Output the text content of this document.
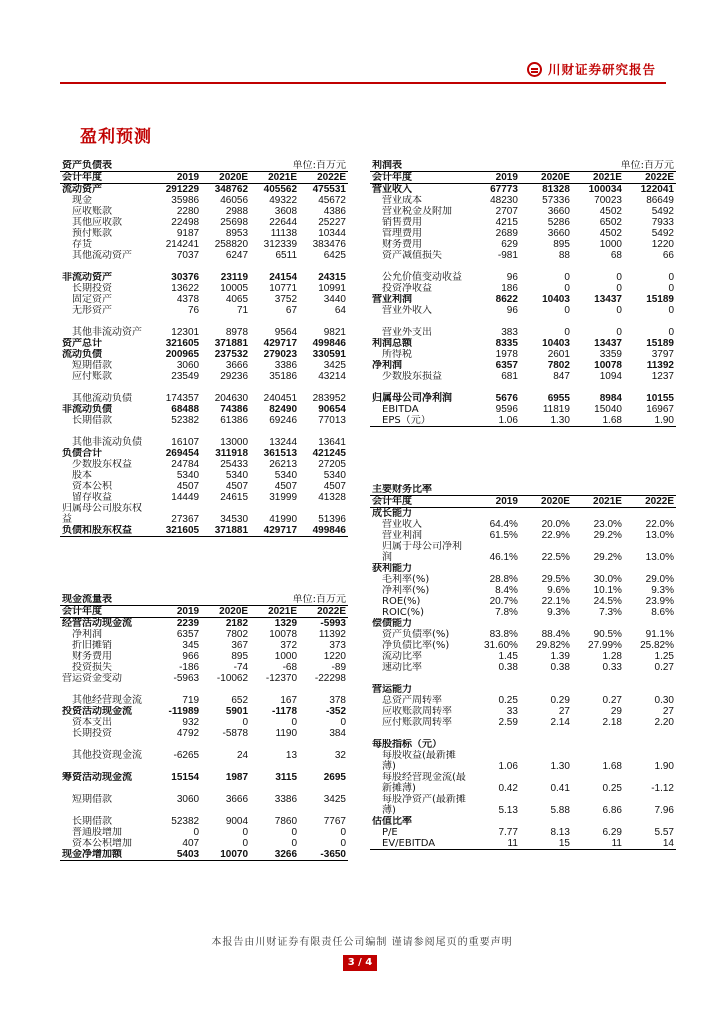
川财证券研究报告
盈利预测
资产负债表			单位:百万元	
会计年度	2019	2020E	2021E	2022E
流动资产	291229	348762	405562	475531
现金	35986	46056	49322	45672
应收账款	2280	2988	3608	4386
其他应收款	22498	25698	22644	25227
预付账款	9187	8953	11138	10344
存货	214241	258820	312339	383476
其他流动资产	7037	6247	6511	6425

非流动资产	30376	23119	24154	24315
长期投资	13622	10005	10771	10991
固定资产	4378	4065	3752	3440
无形资产	76	71	67	64
其他非流动资产	12301	8978	9564	9821
资产总计	321605	371881	429717	499846
流动负债	200965	237532	279023	330591
短期借款	3060	3666	3386	3425
应付账款	23549	29236	35186	43214

其他流动负债	174357	204630	240451	283952
非流动负债	68488	74386	82490	90654
长期借款	52382	61386	69246	77013
其他非流动负债	16107	13000	13244	13641
负债合计	269454	311918	361513	421245
少数股东权益	24784	25433	26213	27205
股本	5340	5340	5340	5340
资本公积	4507	4507	4507	4507
留存收益	14449	24615	31999	41328
归属母公司股东权益	27367	34530	41990	51396
负债和股东权益	321605	371881	429717	499846
现金流量表			单位:百万元	
会计年度	2019	2020E	2021E	2022E
经营活动现金流	2239	2182	1329	-5993
净利润	6357	7802	10078	11392
折旧摊销	345	367	372	373
财务费用	966	895	1000	1220
投资损失	-186	-74	-68	-89
营运资金变动	-5963	-10062	-12370	-22298
其他经营现金流	719	652	167	378
投资活动现金流	-11989	5901	-1178	-352
资本支出	932	0	0	0
长期投资	4792	-5878	1190	384
其他投资现金流	-6265	24	13	32

筹资活动现金流	15154	1987	3115	2695

短期借款	3060	3666	3386	3425

长期借款	52382	9004	7860	7767
普通股增加	0	0	0	0
资本公积增加	407	0	0	0
现金净增加额	5403	10070	3266	-3650
利润表			单位:百万元	
会计年度	2019	2020E	2021E	2022E
营业收入	67773	81328	100034	122041
营业成本	48230	57336	70023	86649
营业税金及附加	2707	3660	4502	5492
销售费用	4215	5286	6502	7933
管理费用	2689	3660	4502	5492
财务费用	629	895	1000	1220
资产减值损失	-981	88	68	66
公允价值变动收益	96	0	0	0
投资净收益	186	0	0	0
营业利润	8622	10403	13437	15189
营业外收入	96	0	0	0

营业外支出	383	0	0	0
利润总额	8335	10403	13437	15189
所得税	1978	2601	3359	3797
净利润	6357	7802	10078	11392
少数股东损益	681	847	1094	1237
归属母公司净利润	5676	6955	8984	10155
EBITDA	9596	11819	15040	16967
EPS（元）	1.06	1.30	1.68	1.90
主要财务比率				
会计年度	2019	2020E	2021E	2022E
成长能力				
营业收入	64.4%	20.0%	23.0%	22.0%
营业利润	61.5%	22.9%	29.2%	13.0%
归属于母公司净利润	46.1%	22.5%	29.2%	13.0%
获利能力				
毛利率(%)	28.8%	29.5%	30.0%	29.0%
净利率(%)	8.4%	9.6%	10.1%	9.3%
ROE(%)	20.7%	22.1%	24.5%	23.9%
ROIC(%)	7.8%	9.3%	7.3%	8.6%
偿债能力				
资产负债率(%)	83.8%	88.4%	90.5%	91.1%
净负债比率(%)	31.60%	29.82%	27.99%	25.82%
流动比率	1.45	1.39	1.28	1.25
速动比率	0.38	0.38	0.33	0.27

营运能力				
总资产周转率	0.25	0.29	0.27	0.30
应收账款周转率	33	27	29	27
应付账款周转率	2.59	2.14	2.18	2.20

每股指标（元）				
每股收益(最新摊薄)	1.06	1.30	1.68	1.90
每股经营现金流(最新摊薄)	0.42	0.41	0.25	-1.12
每股净资产(最新摊薄)	5.13	5.88	6.86	7.96
估值比率				
P/E	7.77	8.13	6.29	5.57
EV/EBITDA	11	15	11	14
本报告由川财证券有限责任公司编制 谨请参阅尾页的重要声明
3 / 4
